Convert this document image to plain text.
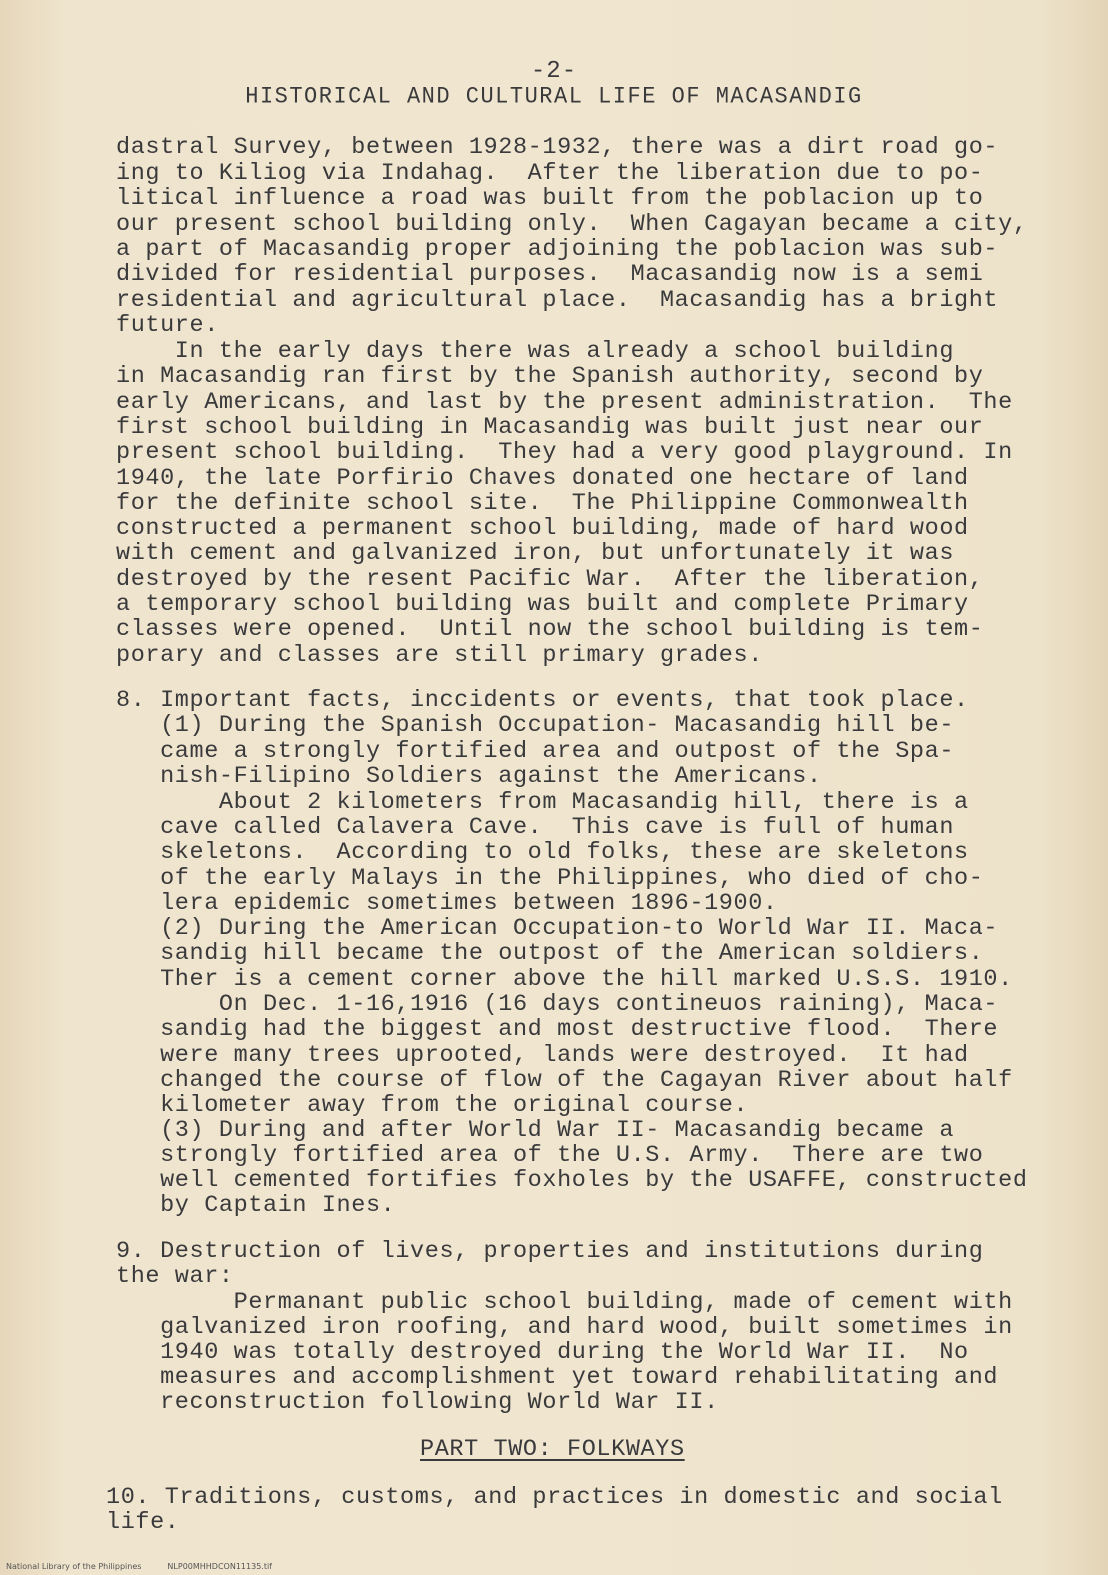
-2-
HISTORICAL AND CULTURAL LIFE OF MACASANDIG
dastral Survey, between 1928-1932, there was a dirt road go-
ing to Kiliog via Indahag.  After the liberation due to po-
litical influence a road was built from the poblacion up to
our present school building only.  When Cagayan became a city,
a part of Macasandig proper adjoining the poblacion was sub-
divided for residential purposes.  Macasandig now is a semi
residential and agricultural place.  Macasandig has a bright
future.
In the early days there was already a school building
in Macasandig ran first by the Spanish authority, second by
early Americans, and last by the present administration.  The
first school building in Macasandig was built just near our
present school building.  They had a very good playground. In
1940, the late Porfirio Chaves donated one hectare of land
for the definite school site.  The Philippine Commonwealth
constructed a permanent school building, made of hard wood
with cement and galvanized iron, but unfortunately it was
destroyed by the resent Pacific War.  After the liberation,
a temporary school building was built and complete Primary
classes were opened.  Until now the school building is tem-
porary and classes are still primary grades.
8. Important facts, inccidents or events, that took place.
(1) During the Spanish Occupation- Macasandig hill be-
came a strongly fortified area and outpost of the Spa-
nish-Filipino Soldiers against the Americans.
About 2 kilometers from Macasandig hill, there is a
cave called Calavera Cave.  This cave is full of human
skeletons.  According to old folks, these are skeletons
of the early Malays in the Philippines, who died of cho-
lera epidemic sometimes between 1896-1900.
(2) During the American Occupation-to World War II. Maca-
sandig hill became the outpost of the American soldiers.
Ther is a cement corner above the hill marked U.S.S. 1910.
On Dec. 1-16,1916 (16 days contineuos raining), Maca-
sandig had the biggest and most destructive flood.  There
were many trees uprooted, lands were destroyed.  It had
changed the course of flow of the Cagayan River about half
kilometer away from the original course.
(3) During and after World War II- Macasandig became a
strongly fortified area of the U.S. Army.  There are two
well cemented fortifies foxholes by the USAFFE, constructed
by Captain Ines.
9. Destruction of lives, properties and institutions during
the war:
Permanant public school building, made of cement with
galvanized iron roofing, and hard wood, built sometimes in
1940 was totally destroyed during the World War II.  No
measures and accomplishment yet toward rehabilitating and
reconstruction following World War II.
PART TWO: FOLKWAYS
10. Traditions, customs, and practices in domestic and social
life.
National Library of the Philippines	NLP00MHHDCON11135.tif
